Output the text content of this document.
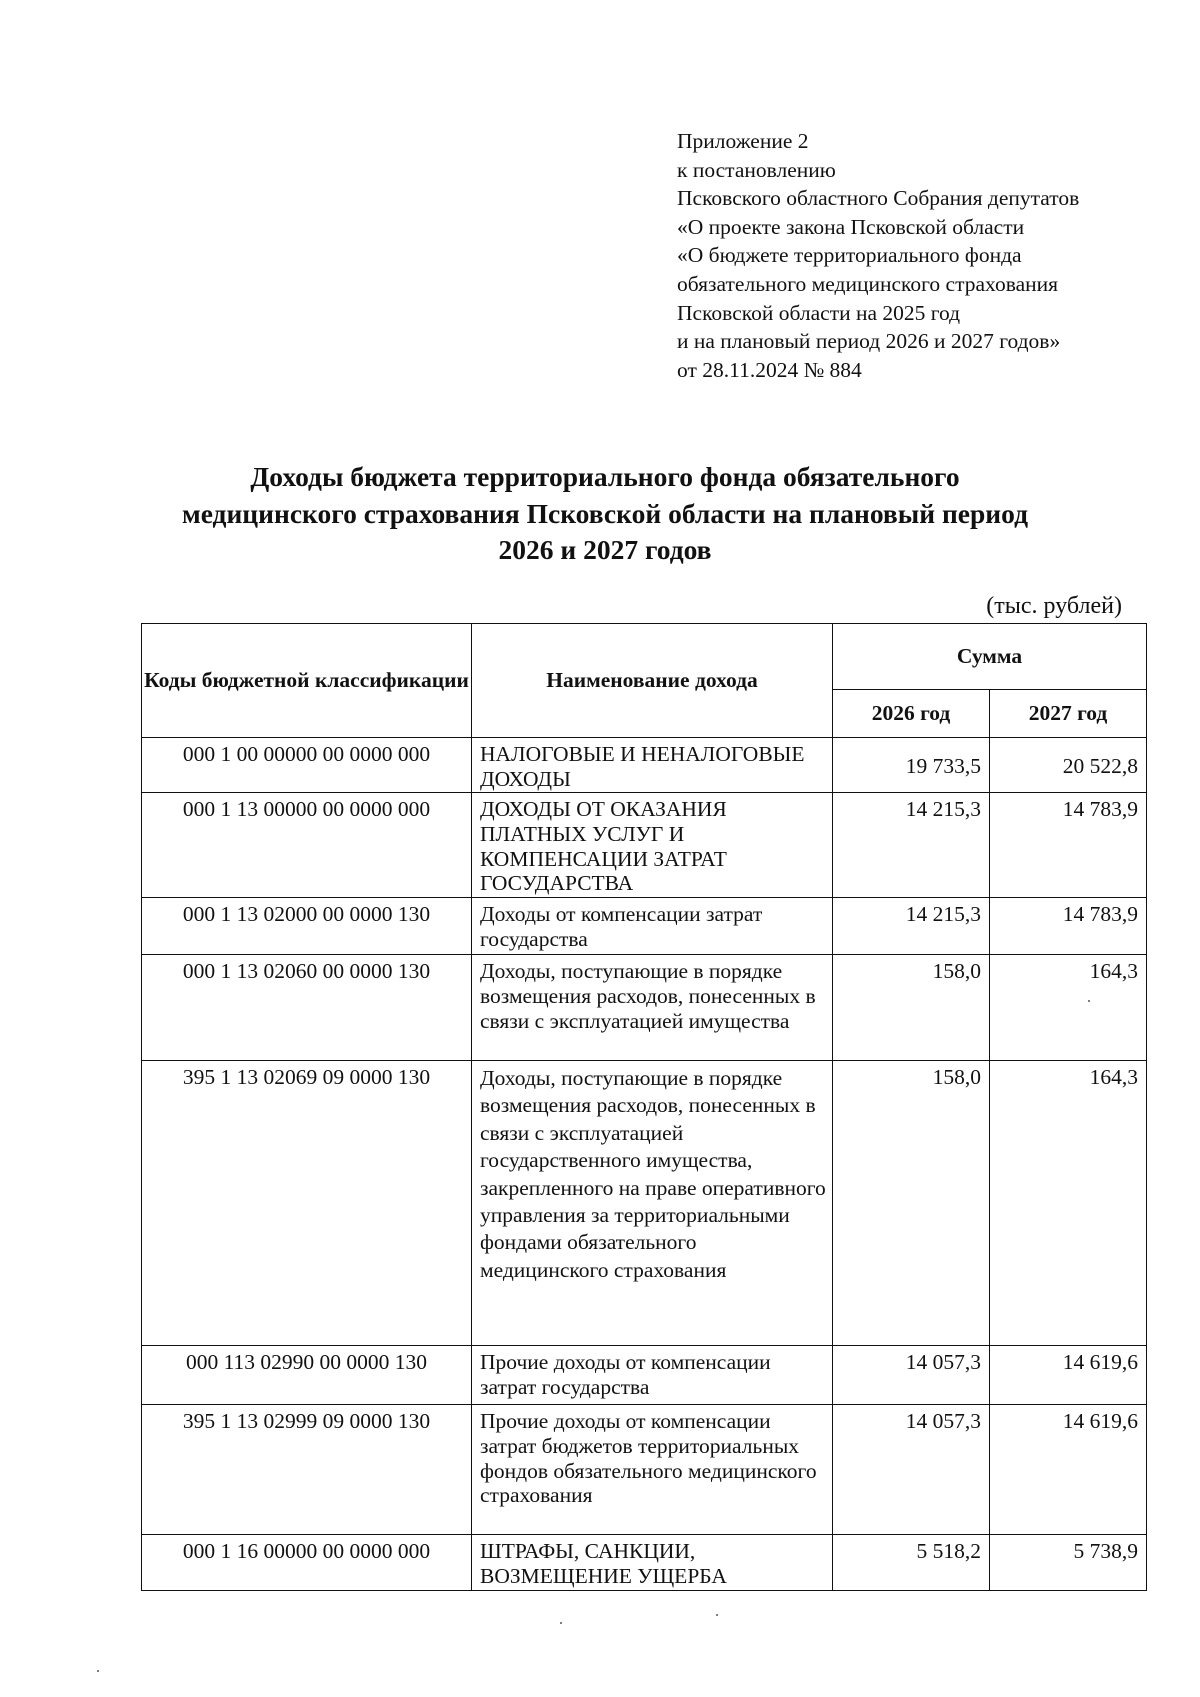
Приложение 2
к постановлению
Псковского областного Собрания депутатов
«О проекте закона Псковской области
«О бюджете территориального фонда
обязательного медицинского страхования
Псковской области на 2025 год
и на плановый период 2026 и 2027 годов»
от 28.11.2024 № 884
Доходы бюджета территориального фонда обязательного
медицинского страхования Псковской области на плановый период
2026 и 2027 годов
(тыс. рублей)
Коды бюджетной классификации	Наименование дохода	Сумма	
		2026 год	2027 год
000 1 00 00000 00 0000 000	НАЛОГОВЫЕ И НЕНАЛОГОВЫЕ ДОХОДЫ	19 733,5	20 522,8
000 1 13 00000 00 0000 000	ДОХОДЫ ОТ ОКАЗАНИЯ ПЛАТНЫХ УСЛУГ И КОМПЕНСАЦИИ ЗАТРАТ ГОСУДАРСТВА	14 215,3	14 783,9
000 1 13 02000 00 0000 130	Доходы от компенсации затрат государства	14 215,3	14 783,9
000 1 13 02060 00 0000 130	Доходы, поступающие в порядке возмещения расходов, понесенных в связи с эксплуатацией имущества	158,0	164,3
395 1 13 02069 09 0000 130	Доходы, поступающие в порядке возмещения расходов, понесенных в связи с эксплуатацией государственного имущества, закрепленного на праве оперативного управления за территориальными фондами обязательного медицинского страхования	158,0	164,3
000 113 02990 00 0000 130	Прочие доходы от компенсации затрат государства	14 057,3	14 619,6
395 1 13 02999 09 0000 130	Прочие доходы от компенсации затрат бюджетов территориальных фондов обязательного медицинского страхования	14 057,3	14 619,6
000 1 16 00000 00 0000 000	ШТРАФЫ, САНКЦИИ, ВОЗМЕЩЕНИЕ УЩЕРБА	5 518,2	5 738,9
